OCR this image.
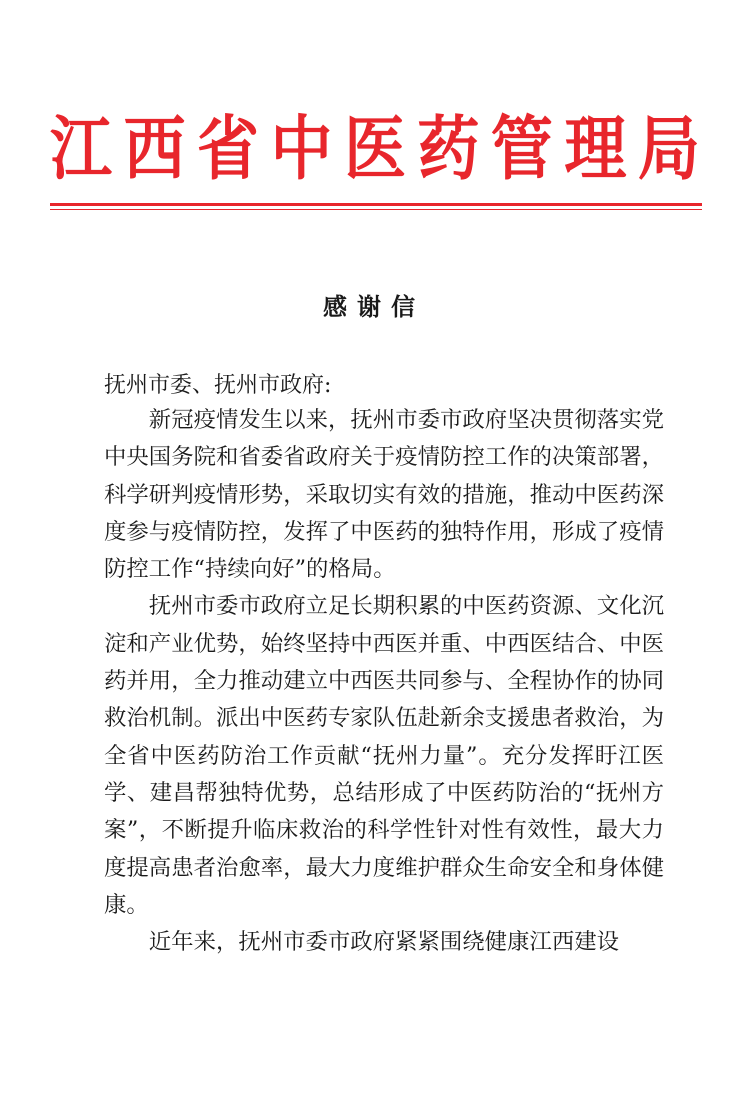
江 西 省 中 医 药 管 理 局
感谢信
抚州市委、抚州市政府:

新冠疫情发生以来，抚州市委市政府坚决贯彻落实党中央国务院和省委省政府关于疫情防控工作的决策部署，科学研判疫情形势，采取切实有效的措施，推动中医药深度参与疫情防控，发挥了中医药的独特作用，形成了疫情防控工作“持续向好”的格局。

抚州市委市政府立足长期积累的中医药资源、文化沉淀和产业优势，始终坚持中西医并重、中西医结合、中医药并用，全力推动建立中西医共同参与、全程协作的协同救治机制。派出中医药专家队伍赴新余支援患者救治，为全省中医药防治工作贡献“抚州力量”。充分发挥盱江医学、建昌帮独特优势，总结形成了中医药防治的“抚州方案”，不断提升临床救治的科学性针对性有效性，最大力度提高患者治愈率，最大力度维护群众生命安全和身体健康。

近年来，抚州市委市政府紧紧围绕健康江西建设
